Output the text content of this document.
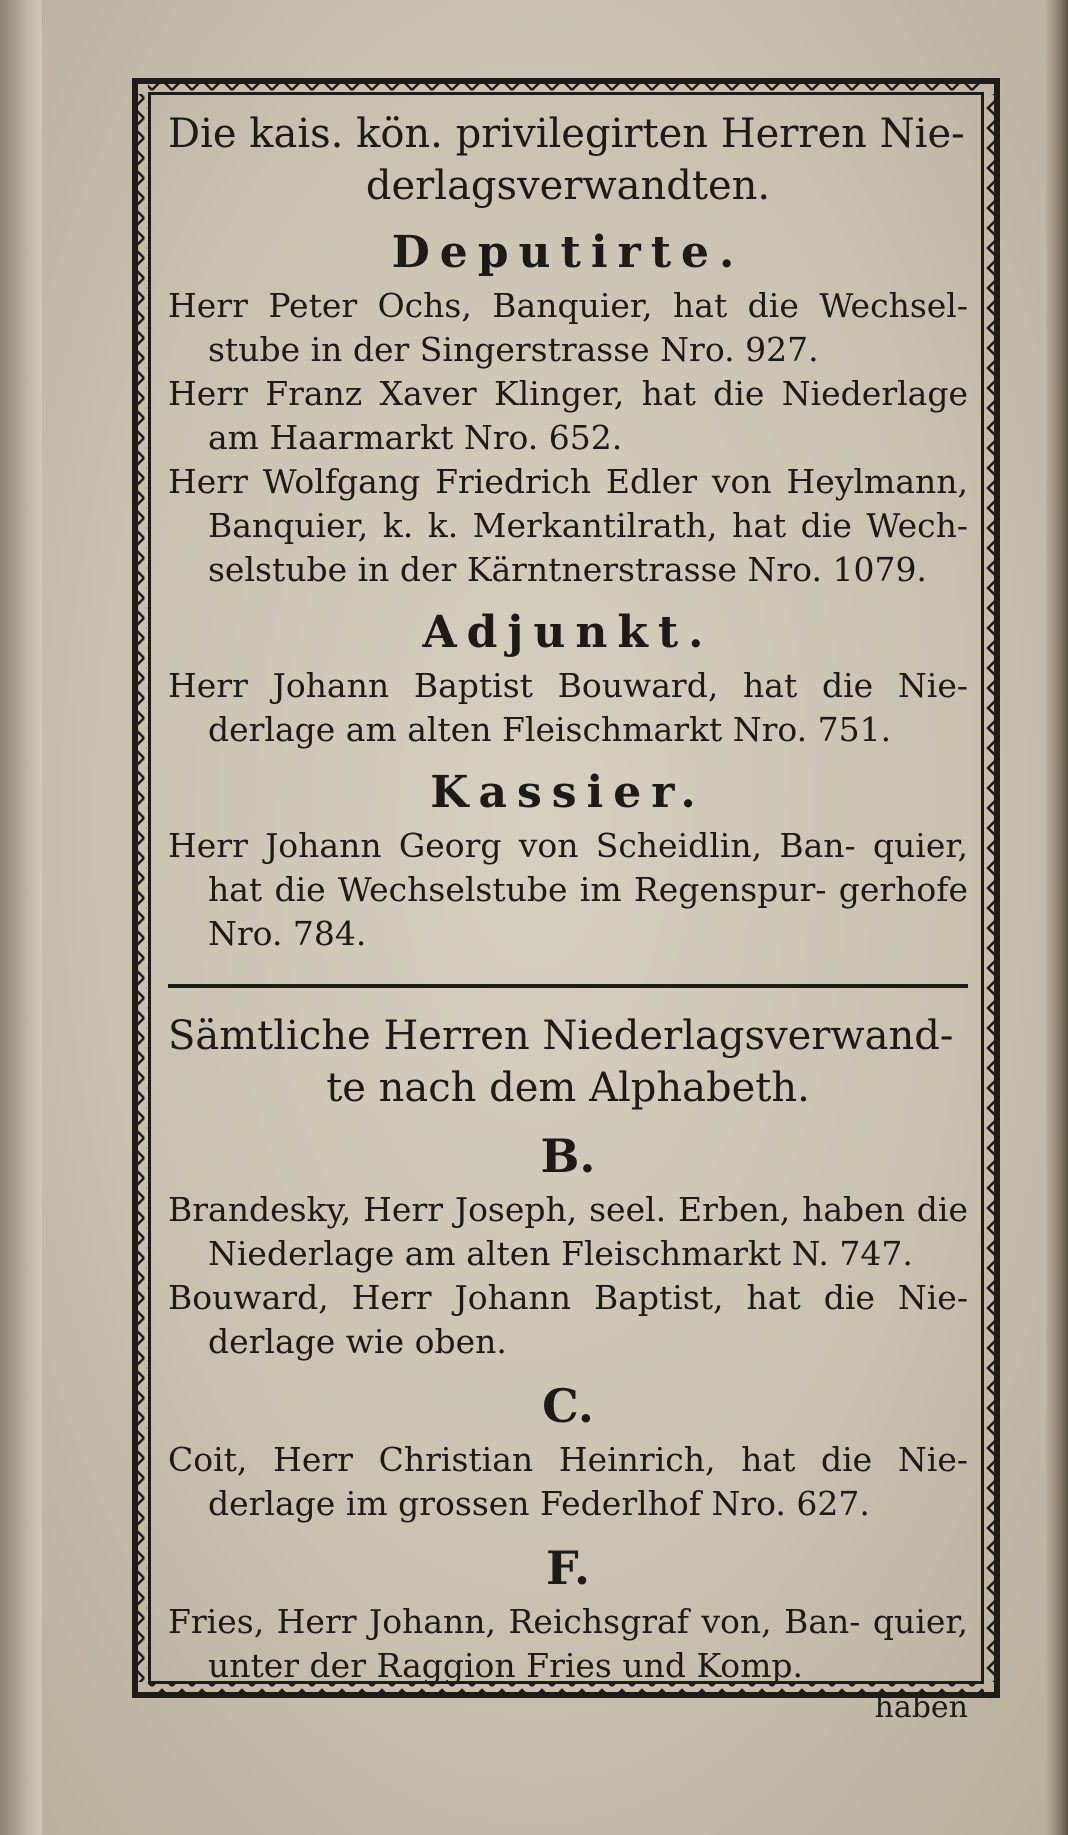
Die kais. kön. privilegirten Herren Nie-
derlagsverwandten.

Deputirte.

Herr Peter Ochs, Banquier, hat die Wechsel- stube in der Singerstrasse Nro. 927.

Herr Franz Xaver Klinger, hat die Niederlage am Haarmarkt Nro. 652.

Herr Wolfgang Friedrich Edler von Heylmann, Banquier, k. k. Merkantilrath, hat die Wech- selstube in der Kärntnerstrasse Nro. 1079.

Adjunkt.

Herr Johann Baptist Bouward, hat die Nie- derlage am alten Fleischmarkt Nro. 751.

Kassier.

Herr Johann Georg von Scheidlin, Ban- quier, hat die Wechselstube im Regenspur- gerhofe Nro. 784.

Sämtliche Herren Niederlagsverwand-
te nach dem Alphabeth.

B.

Brandesky, Herr Joseph, seel. Erben, haben die Niederlage am alten Fleischmarkt N. 747.

Bouward, Herr Johann Baptist, hat die Nie- derlage wie oben.

C.

Coit, Herr Christian Heinrich, hat die Nie- derlage im grossen Federlhof Nro. 627.

F.

Fries, Herr Johann, Reichsgraf von, Ban- quier, unter der Raggion Fries und Komp.

haben
